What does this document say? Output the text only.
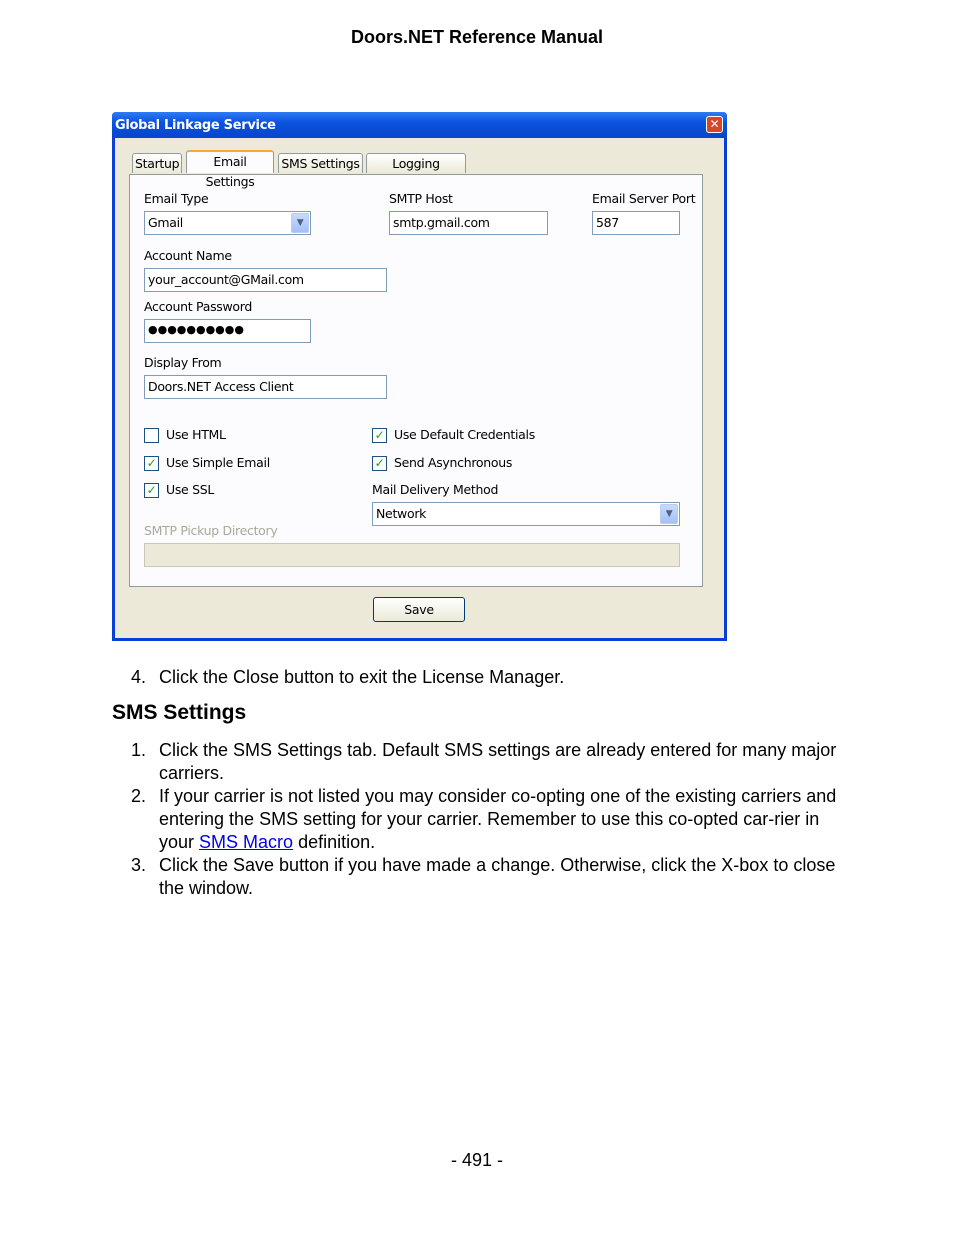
Doors.NET Reference Manual
Global Linkage Service	✕
Startup	Email Settings
SMS Settings	Logging
Email Type
Gmail	▼
SMTP Host
smtp.gmail.com
Email Server Port
587
Account Name
your_account@GMail.com
Account Password
●●●●●●●●●●
Display From
Doors.NET Access Client
Use HTML
✓ Use Simple Email
✓ Use SSL
✓ Use Default Credentials
✓ Send Asynchronous
Mail Delivery Method
Network	▼
SMTP Pickup Directory
Save
4. Click the Close button to exit the License Manager.
SMS Settings
1. Click the SMS Settings tab. Default SMS settings are already entered for many major carriers.
2. If your carrier is not listed you may consider co-opting one of the existing carriers and entering the SMS setting for your carrier. Remember to use this co-opted car-rier in your SMS Macro definition.
3. Click the Save button if you have made a change. Otherwise, click the X-box to close the window.
- 491 -
